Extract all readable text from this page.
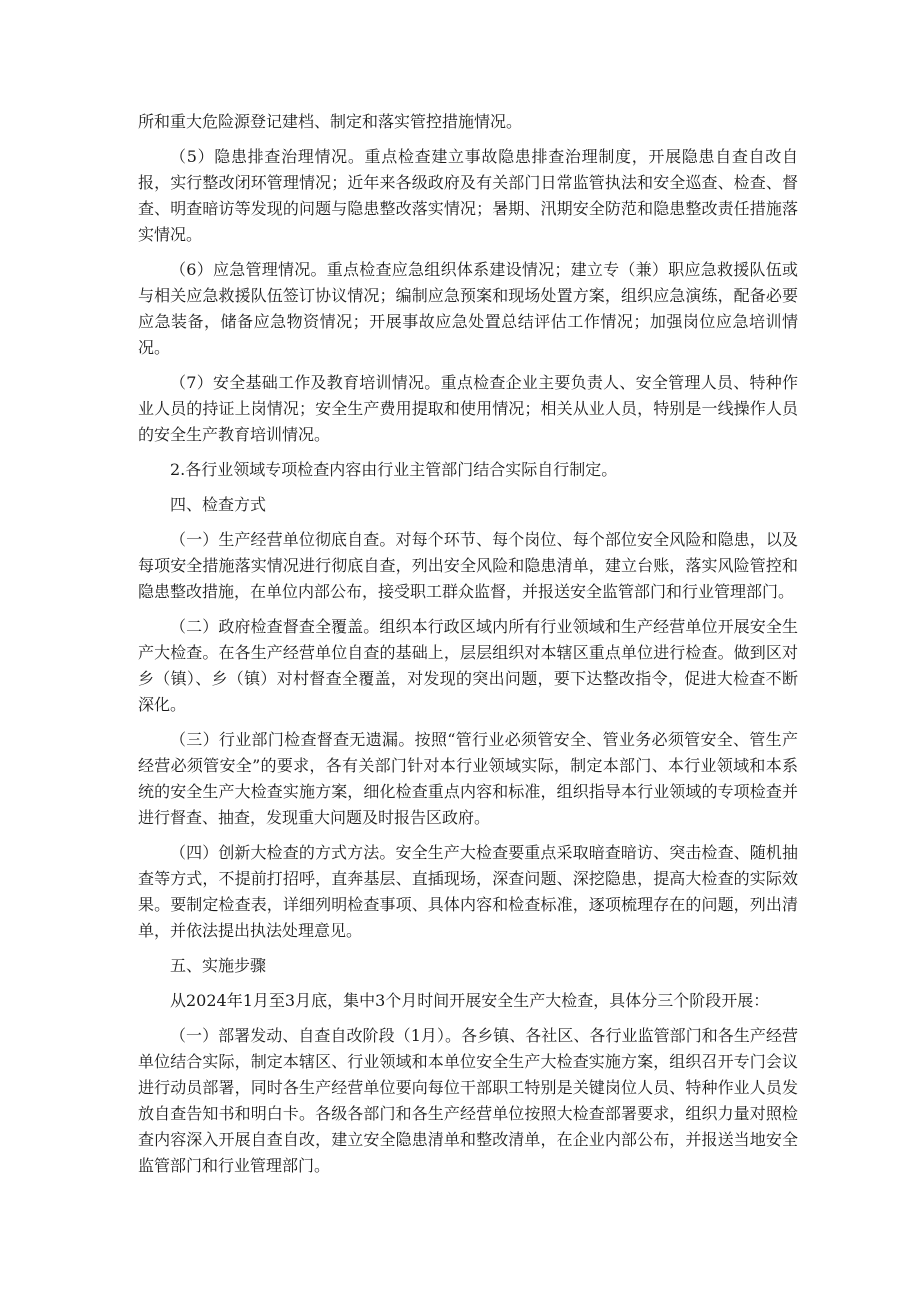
所和重大危险源登记建档、制定和落实管控措施情况。

（5）隐患排查治理情况。重点检查建立事故隐患排查治理制度，开展隐患自查自改自报，实行整改闭环管理情况；近年来各级政府及有关部门日常监管执法和安全巡查、检查、督查、明查暗访等发现的问题与隐患整改落实情况；暑期、汛期安全防范和隐患整改责任措施落实情况。

（6）应急管理情况。重点检查应急组织体系建设情况；建立专（兼）职应急救援队伍或与相关应急救援队伍签订协议情况；编制应急预案和现场处置方案，组织应急演练，配备必要应急装备，储备应急物资情况；开展事故应急处置总结评估工作情况；加强岗位应急培训情况。

（7）安全基础工作及教育培训情况。重点检查企业主要负责人、安全管理人员、特种作业人员的持证上岗情况；安全生产费用提取和使用情况；相关从业人员，特别是一线操作人员的安全生产教育培训情况。

2.各行业领域专项检查内容由行业主管部门结合实际自行制定。

四、检查方式

（一）生产经营单位彻底自查。对每个环节、每个岗位、每个部位安全风险和隐患，以及每项安全措施落实情况进行彻底自查，列出安全风险和隐患清单，建立台账，落实风险管控和隐患整改措施，在单位内部公布，接受职工群众监督，并报送安全监管部门和行业管理部门。

（二）政府检查督查全覆盖。组织本行政区域内所有行业领域和生产经营单位开展安全生产大检查。在各生产经营单位自查的基础上，层层组织对本辖区重点单位进行检查。做到区对乡（镇）、乡（镇）对村督查全覆盖，对发现的突出问题，要下达整改指令，促进大检查不断深化。

（三）行业部门检查督查无遗漏。按照“管行业必须管安全、管业务必须管安全、管生产经营必须管安全”的要求，各有关部门针对本行业领域实际，制定本部门、本行业领域和本系统的安全生产大检查实施方案，细化检查重点内容和标准，组织指导本行业领域的专项检查并进行督查、抽查，发现重大问题及时报告区政府。

（四）创新大检查的方式方法。安全生产大检查要重点采取暗查暗访、突击检查、随机抽查等方式，不提前打招呼，直奔基层、直插现场，深查问题、深挖隐患，提高大检查的实际效果。要制定检查表，详细列明检查事项、具体内容和检查标准，逐项梳理存在的问题，列出清单，并依法提出执法处理意见。

五、实施步骤

从2024年1月至3月底，集中3个月时间开展安全生产大检查，具体分三个阶段开展：

（一）部署发动、自查自改阶段（1月）。各乡镇、各社区、各行业监管部门和各生产经营单位结合实际，制定本辖区、行业领域和本单位安全生产大检查实施方案，组织召开专门会议进行动员部署，同时各生产经营单位要向每位干部职工特别是关键岗位人员、特种作业人员发放自查告知书和明白卡。各级各部门和各生产经营单位按照大检查部署要求，组织力量对照检查内容深入开展自查自改，建立安全隐患清单和整改清单，在企业内部公布，并报送当地安全监管部门和行业管理部门。
